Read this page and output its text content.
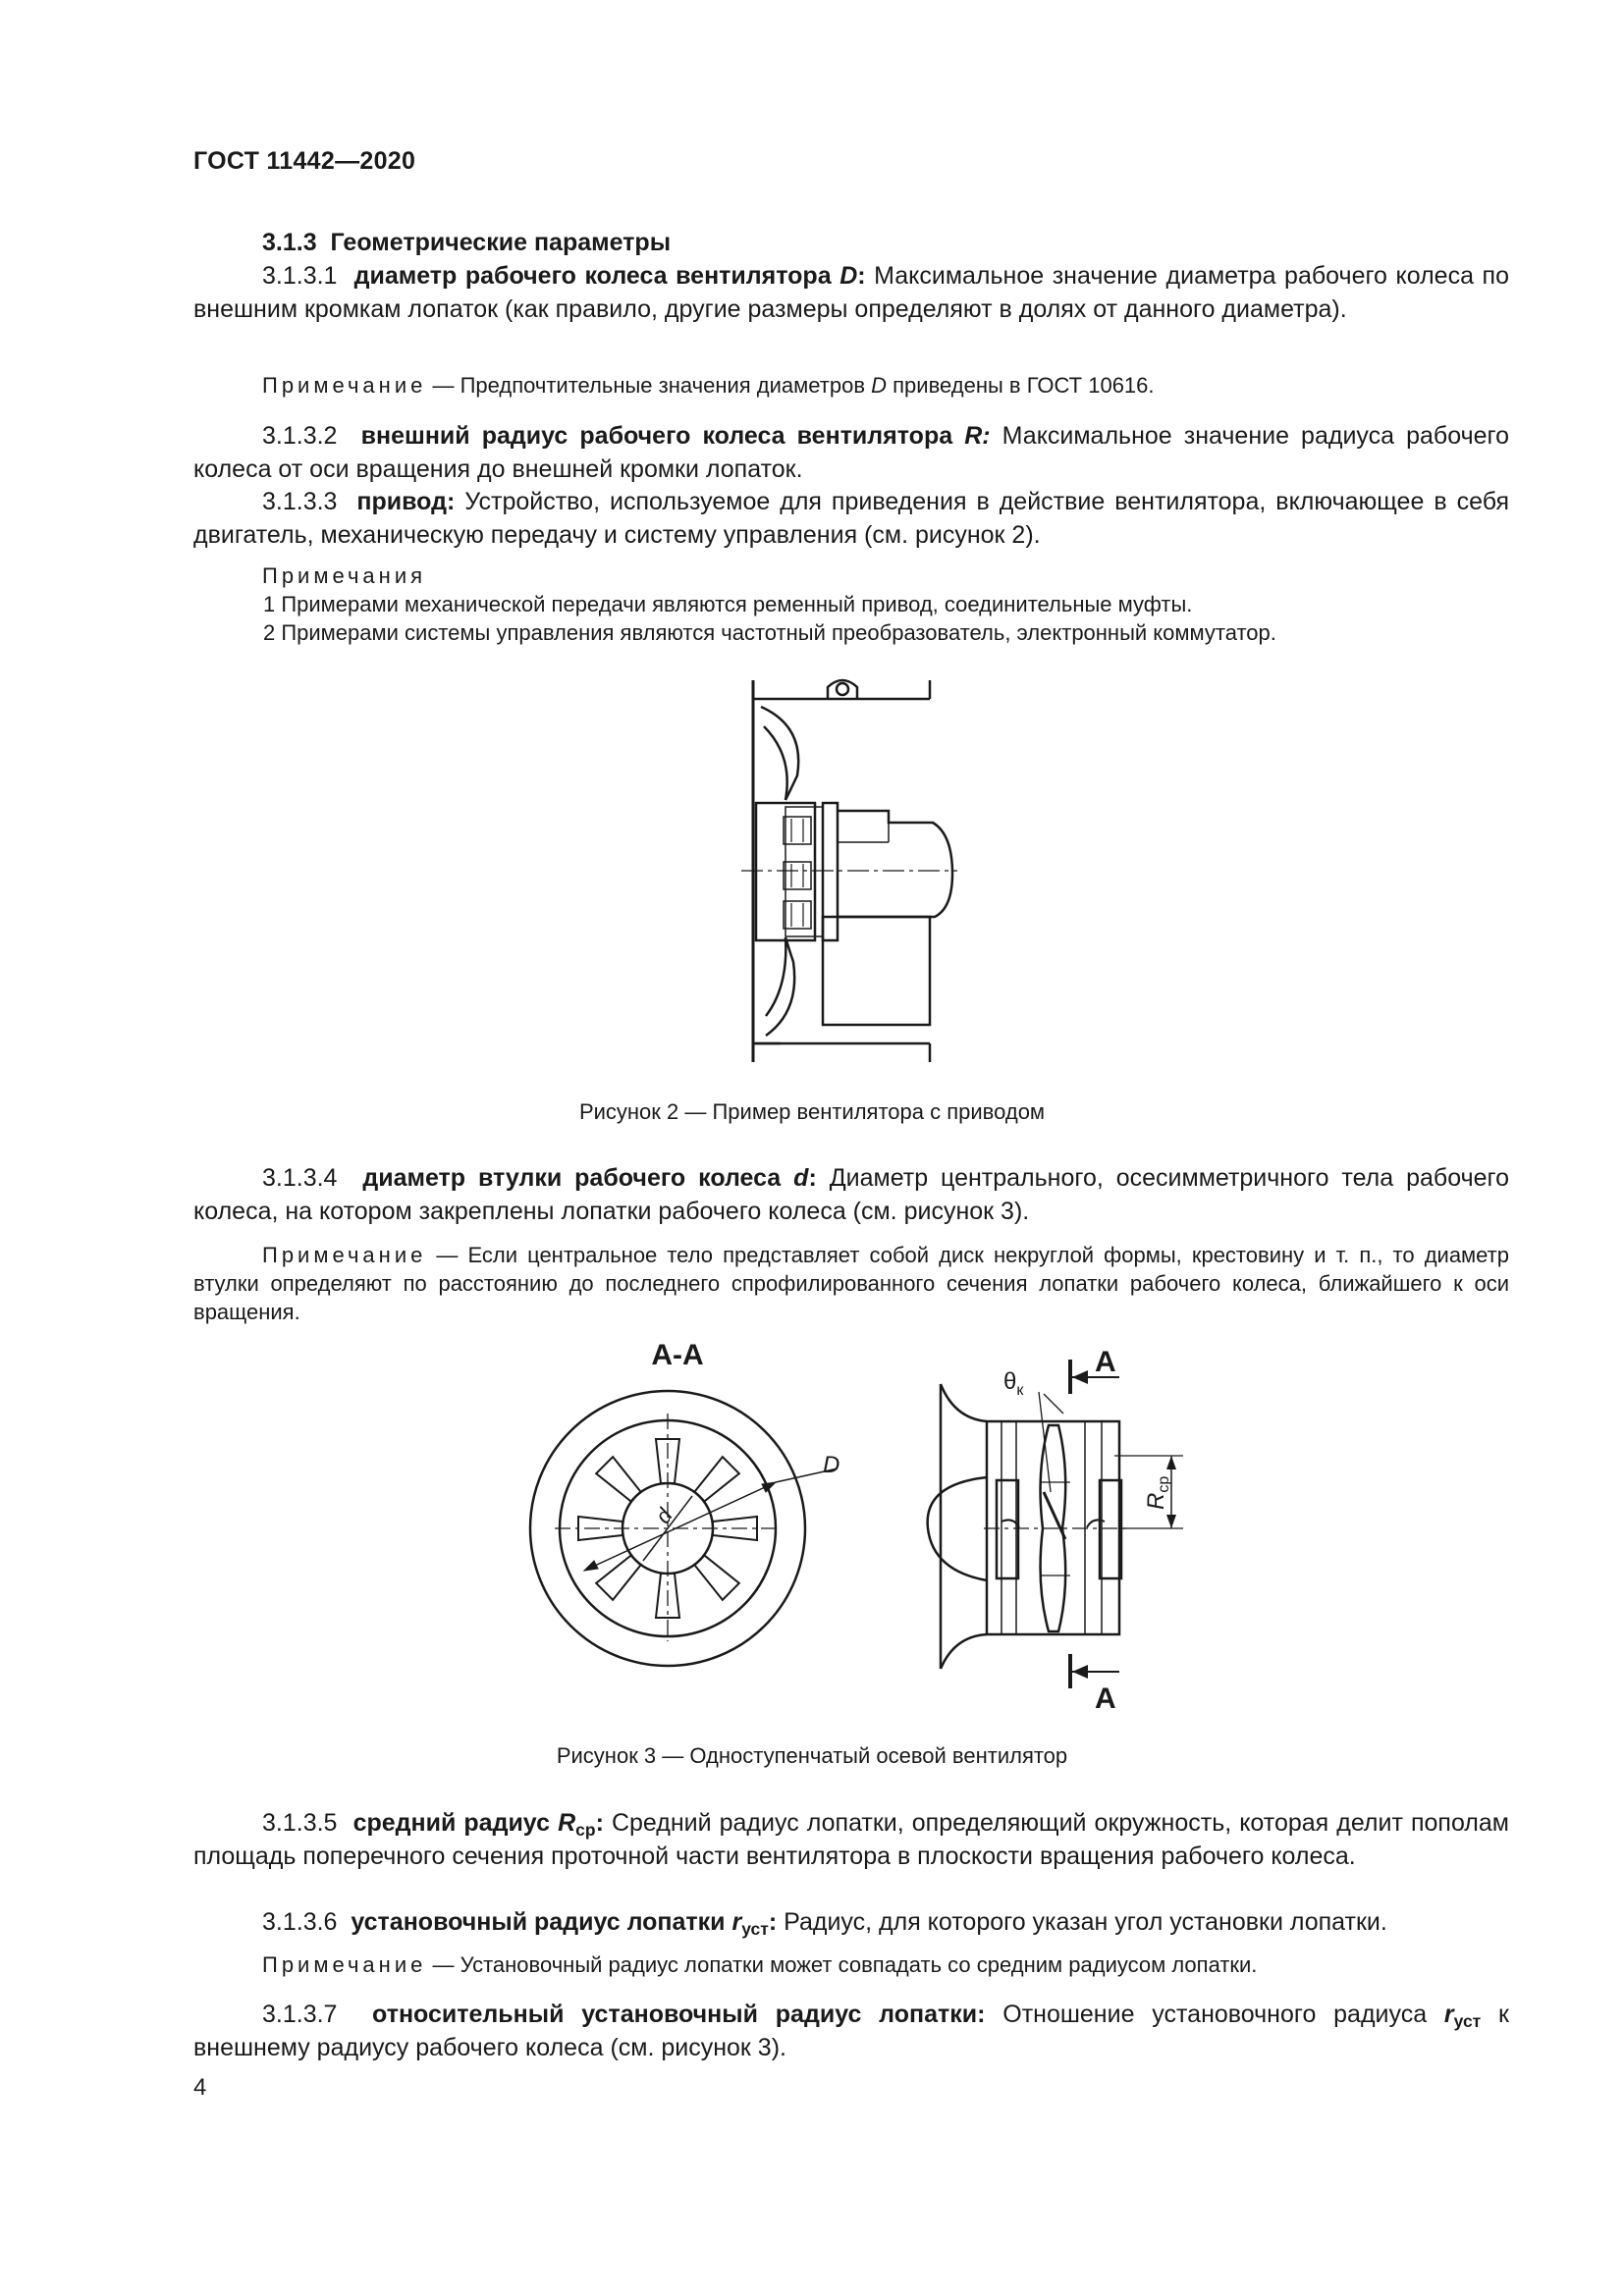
ГОСТ 11442—2020
3.1.3 Геометрические параметры
3.1.3.1 диаметр рабочего колеса вентилятора D: Максимальное значение диаметра рабочего колеса по внешним кромкам лопаток (как правило, другие размеры определяют в долях от данного диаметра).
Примечание — Предпочтительные значения диаметров D приведены в ГОСТ 10616.
3.1.3.2 внешний радиус рабочего колеса вентилятора R: Максимальное значение радиуса рабочего колеса от оси вращения до внешней кромки лопаток.
3.1.3.3 привод: Устройство, используемое для приведения в действие вентилятора, включающее в себя двигатель, механическую передачу и систему управления (см. рисунок 2).
Примечания
1 Примерами механической передачи являются ременный привод, соединительные муфты.
2 Примерами системы управления являются частотный преобразователь, электронный коммутатор.
Рисунок 2 — Пример вентилятора с приводом
3.1.3.4 диаметр втулки рабочего колеса d: Диаметр центрального, осесимметричного тела рабочего колеса, на котором закреплены лопатки рабочего колеса (см. рисунок 3).
Примечание — Если центральное тело представляет собой диск некруглой формы, крестовину и т. п., то диаметр втулки определяют по расстоянию до последнего спрофилированного сечения лопатки рабочего колеса, ближайшего к оси вращения.
А-А
D
d
$\theta_к$
А
А
$R_{ср}$
Рисунок 3 — Одноступенчатый осевой вентилятор
3.1.3.5 средний радиус $R_{ср}$: Средний радиус лопатки, определяющий окружность, которая делит пополам площадь поперечного сечения проточной части вентилятора в плоскости вращения рабочего колеса.
3.1.3.6 установочный радиус лопатки $r_{уст}$: Радиус, для которого указан угол установки лопатки.
Примечание — Установочный радиус лопатки может совпадать со средним радиусом лопатки.
3.1.3.7 относительный установочный радиус лопатки: Отношение установочного радиуса $r_{уст}$ к внешнему радиусу рабочего колеса (см. рисунок 3).
4
